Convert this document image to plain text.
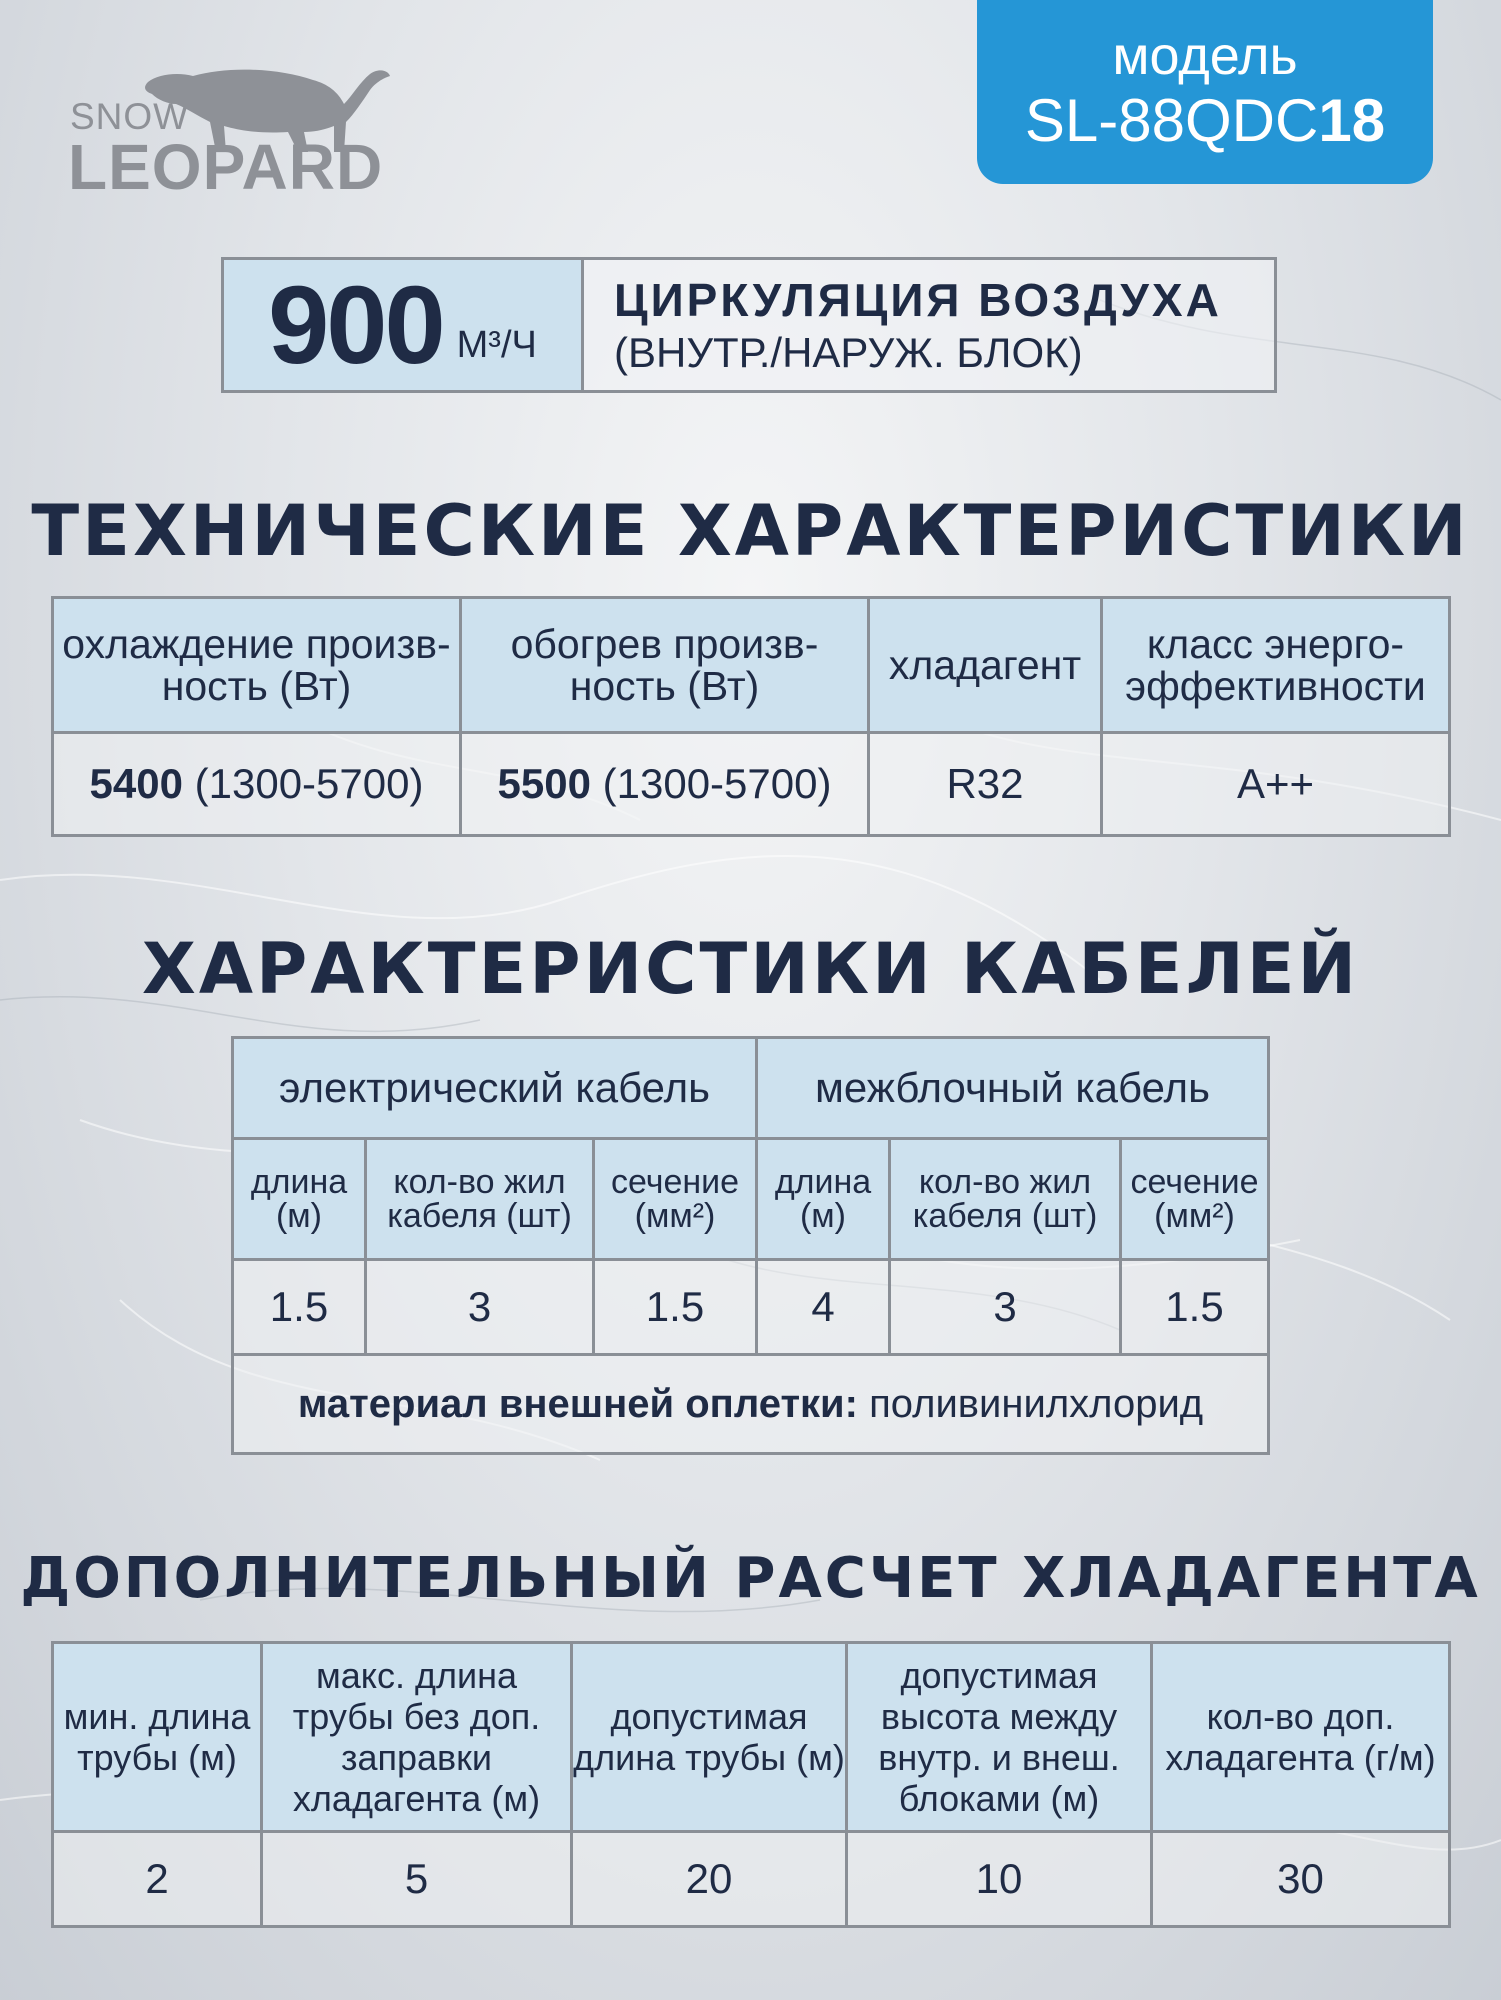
SNOW
LEOPARD
модель
SL-88QDC18
900 М³/Ч
ЦИРКУЛЯЦИЯ ВОЗДУХА
(ВНУТР./НАРУЖ. БЛОК)
ТЕХНИЧЕСКИЕ ХАРАКТЕРИСТИКИ
охлаждение произв-ность (Вт)	обогрев произв-ность (Вт)	хладагент	класс энерго-эффективности
5400 (1300-5700)	5500 (1300-5700)	R32	A++
ХАРАКТЕРИСТИКИ КАБЕЛЕЙ
электрический кабель			межблочный кабель		
длина (м)	кол-во жил кабеля (шт)	сечение (мм²)	длина (м)	кол-во жил кабеля (шт)	сечение (мм²)
1.5	3	1.5	4	3	1.5
материал внешней оплетки: поливинилхлорид					
ДОПОЛНИТЕЛЬНЫЙ РАСЧЕТ ХЛАДАГЕНТА
мин. длина трубы (м)	макс. длина трубы без доп. заправки хладагента (м)	допустимая длина трубы (м)	допустимая высота между внутр. и внеш. блоками (м)	кол-во доп. хладагента (г/м)
2	5	20	10	30
